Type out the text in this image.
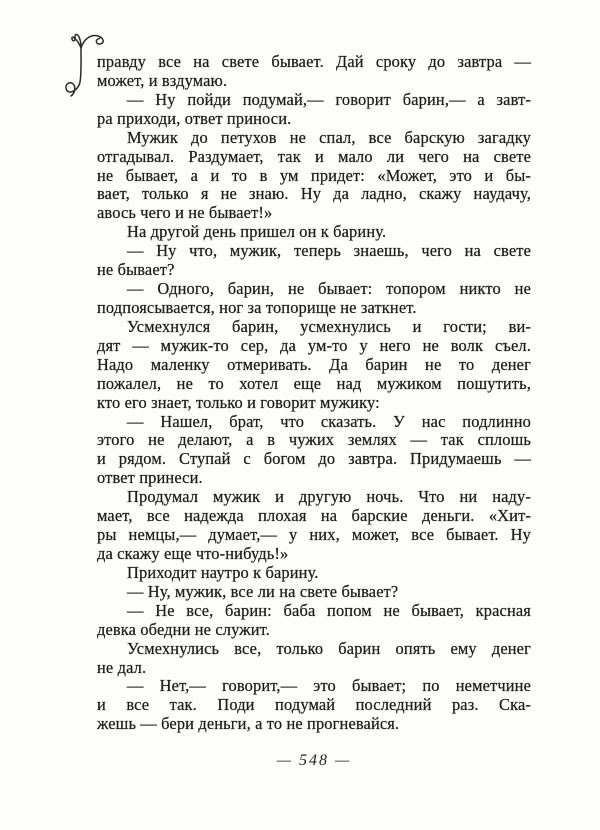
правду все на свете бывает. Дай сроку до завтра —
может, и вздумаю.

— Ну пойди подумай,— говорит барин,— а завт-
ра приходи, ответ приноси.

Мужик до петухов не спал, все барскую загадку
отгадывал. Раздумает, так и мало ли чего на свете
не бывает, а и то в ум придет: «Может, это и бы-
вает, только я не знаю. Ну да ладно, скажу наудачу,
авось чего и не бывает!»

На другой день пришел он к барину.

— Ну что, мужик, теперь знаешь, чего на свете
не бывает?

— Одного, барин, не бывает: топором никто не
подпоясывается, ног за топорище не заткнет.

Усмехнулся барин, усмехнулись и гости; ви-
дят — мужик-то сер, да ум-то у него не волк съел.
Надо маленку отмеривать. Да барин не то денег
пожалел, не то хотел еще над мужиком пошутить,
кто его знает, только и говорит мужику:

— Нашел, брат, что сказать. У нас подлинно
этого не делают, а в чужих землях — так сплошь
и рядом. Ступай с богом до завтра. Придумаешь —
ответ принеси.

Продумал мужик и другую ночь. Что ни наду-
мает, все надежда плохая на барские деньги. «Хит-
ры немцы,— думает,— у них, может, все бывает. Ну
да скажу еще что-нибудь!»

Приходит наутро к барину.

— Ну, мужик, все ли на свете бывает?

— Не все, барин: баба попом не бывает, красная
девка обедни не служит.

Усмехнулись все, только барин опять ему денег
не дал.

— Нет,— говорит,— это бывает; по неметчине
и все так. Поди подумай последний раз. Ска-
жешь — бери деньги, а то не прогневайся.

— 548 —
